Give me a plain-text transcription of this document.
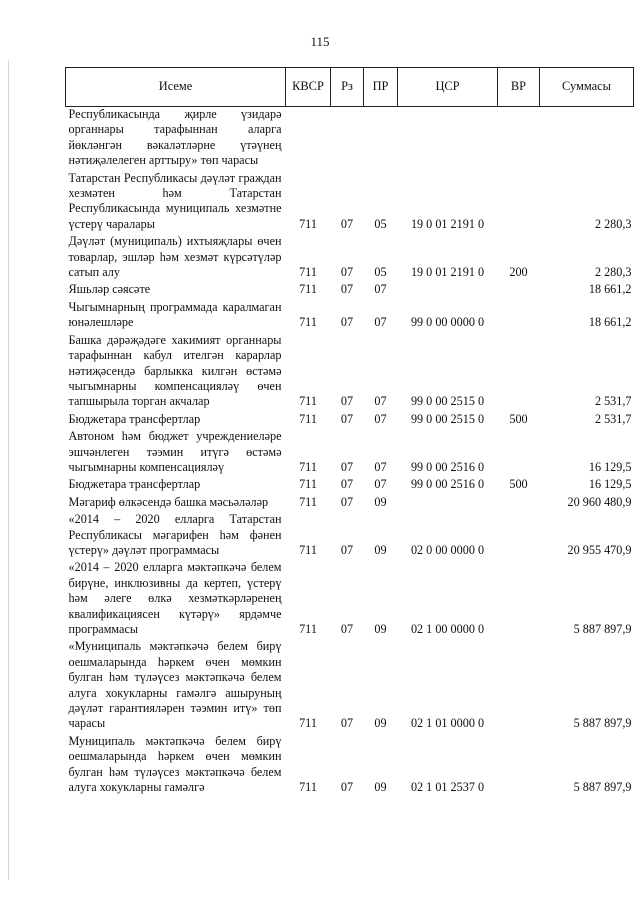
115
Исеме	КВСР	Рз	ПР	ЦСР	ВР	Суммасы
Республикасында җирле үзидарә органнары тарафыннан аларга йөкләнгән вәкаләтләрне үтәүнең нәтиҗәлелеген арттыру» төп чарасы						
Татарстан Республикасы дәүләт граждан хезмәтен һәм Татарстан Республикасында муниципаль хезмәтне үстерү чаралары	711	07	05	19 0 01 2191 0		2 280,3
Дәүләт (муниципаль) ихтыяҗлары өчен товарлар, эшләр һәм хезмәт күрсәтүләр сатып алу	711	07	05	19 0 01 2191 0	200	2 280,3
Яшьләр сәясәте	711	07	07			18 661,2
Чыгымнарның программада каралмаган юнәлешләре	711	07	07	99 0 00 0000 0		18 661,2
Башка дәрәҗәдәге хакимият органнары тарафыннан кабул ителгән карарлар нәтиҗәсендә барлыкка килгән өстәмә чыгымнарны компенсацияләү өчен тапшырыла торган акчалар	711	07	07	99 0 00 2515 0		2 531,7
Бюджетара трансфертлар	711	07	07	99 0 00 2515 0	500	2 531,7
Автоном һәм бюджет учреждениеләре эшчәнлеген тәэмин итүгә өстәмә чыгымнарны компенсацияләү	711	07	07	99 0 00 2516 0		16 129,5
Бюджетара трансфертлар	711	07	07	99 0 00 2516 0	500	16 129,5
Мәгариф өлкәсендә башка мәсьәләләр	711	07	09			20 960 480,9
«2014 – 2020 елларга Татарстан Республикасы мәгарифен һәм фәнен үстерү» дәүләт программасы	711	07	09	02 0 00 0000 0		20 955 470,9
«2014 – 2020 елларга мәктәпкәчә белем бирүне, инклюзивны да кертеп, үстерү һәм әлеге өлкә хезмәткәрләренең квалификациясен күтәрү» ярдәмче программасы	711	07	09	02 1 00 0000 0		5 887 897,9
«Муниципаль мәктәпкәчә белем бирү оешмаларында һәркем өчен мөмкин булган һәм түләүсез мәктәпкәчә белем алуга хокукларны гамәлгә ашыруның дәүләт гарантияләрен тәэмин итү» төп чарасы	711	07	09	02 1 01 0000 0		5 887 897,9
Муниципаль мәктәпкәчә белем бирү оешмаларында һәркем өчен мөмкин булган һәм түләүсез мәктәпкәчә белем алуга хокукларны гамәлгә	711	07	09	02 1 01 2537 0		5 887 897,9
